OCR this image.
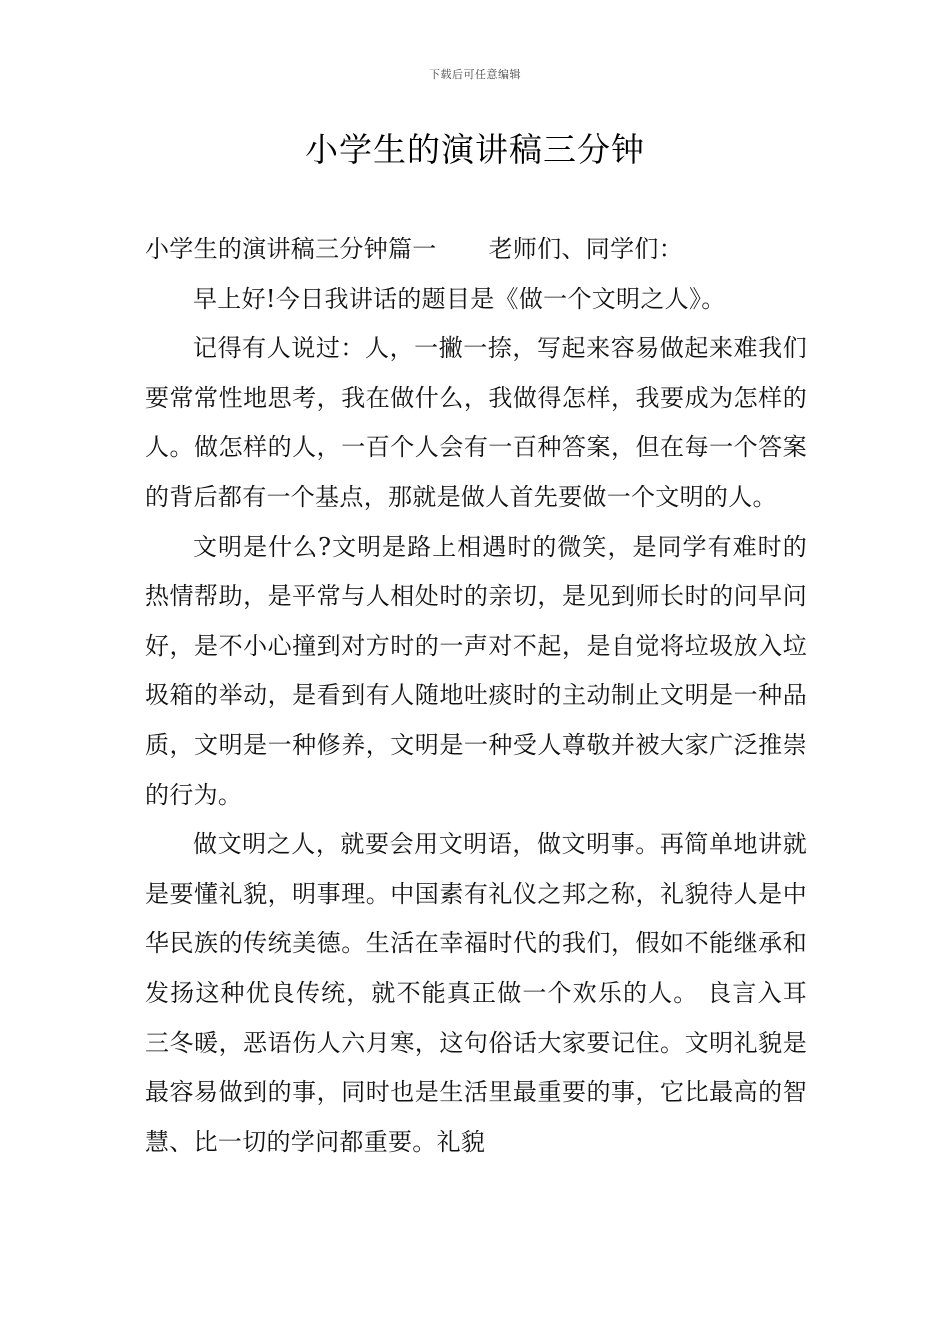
下载后可任意编辑
小学生的演讲稿三分钟

小学生的演讲稿三分钟篇一 老师们、同学们：

早上好!今日我讲话的题目是《做一个文明之人》。

记得有人说过：人，一撇一捺，写起来容易做起来难我们要常常性地思考，我在做什么，我做得怎样，我要成为怎样的人。做怎样的人，一百个人会有一百种答案，但在每一个答案的背后都有一个基点，那就是做人首先要做一个文明的人。

文明是什么?文明是路上相遇时的微笑，是同学有难时的热情帮助，是平常与人相处时的亲切，是见到师长时的问早问好，是不小心撞到对方时的一声对不起，是自觉将垃圾放入垃圾箱的举动，是看到有人随地吐痰时的主动制止文明是一种品质，文明是一种修养，文明是一种受人尊敬并被大家广泛推崇的行为。

做文明之人，就要会用文明语，做文明事。再简单地讲就是要懂礼貌，明事理。中国素有礼仪之邦之称，礼貌待人是中华民族的传统美德。生活在幸福时代的我们，假如不能继承和发扬这种优良传统，就不能真正做一个欢乐的人。 良言入耳三冬暖，恶语伤人六月寒，这句俗话大家要记住。文明礼貌是最容易做到的事，同时也是生活里最重要的事，它比最高的智慧、比一切的学问都重要。礼貌
